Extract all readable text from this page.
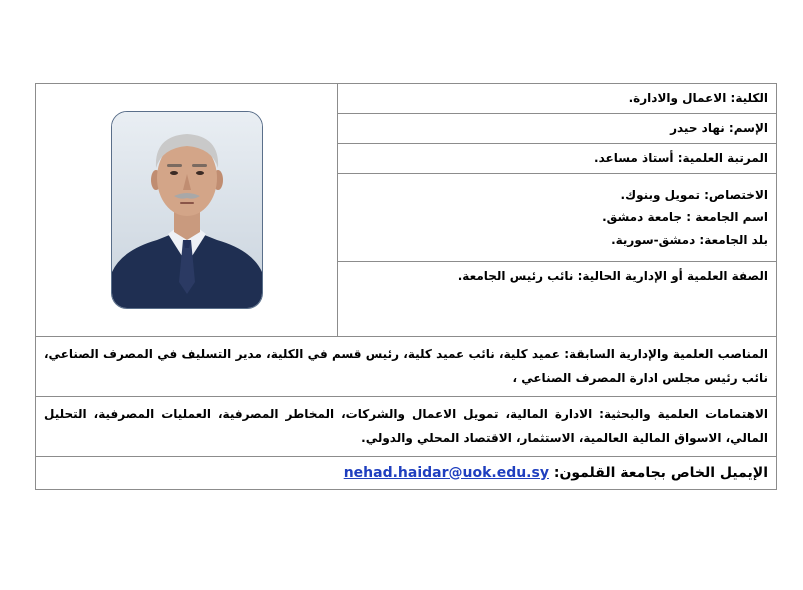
الكلية: الاعمال والادارة.	

الإسم: نهاد حيدر
المرتبة العلمية: أستاذ مساعد.

الاختصاص: تمويل وبنوك.
اسم الجامعة : جامعة دمشق.
بلد الجامعة: دمشق-سورية.

الصفة العلمية أو الإدارية الحالية: نائب رئيس الجامعة.
المناصب العلمية والإدارية السابقة: عميد كلية، نائب عميد كلية، رئيس قسم في الكلية، مدير التسليف في المصرف الصناعي، نائب رئيس مجلس ادارة المصرف الصناعي ،
الاهتمامات العلمية والبحثية: الادارة المالية، تمويل الاعمال والشركات، المخاطر المصرفية، العمليات المصرفية، التحليل المالي، الاسواق المالية العالمية، الاستثمار، الاقتصاد المحلي والدولي.
الإيميل الخاص بجامعة القلمون: nehad.haidar@uok.edu.sy
